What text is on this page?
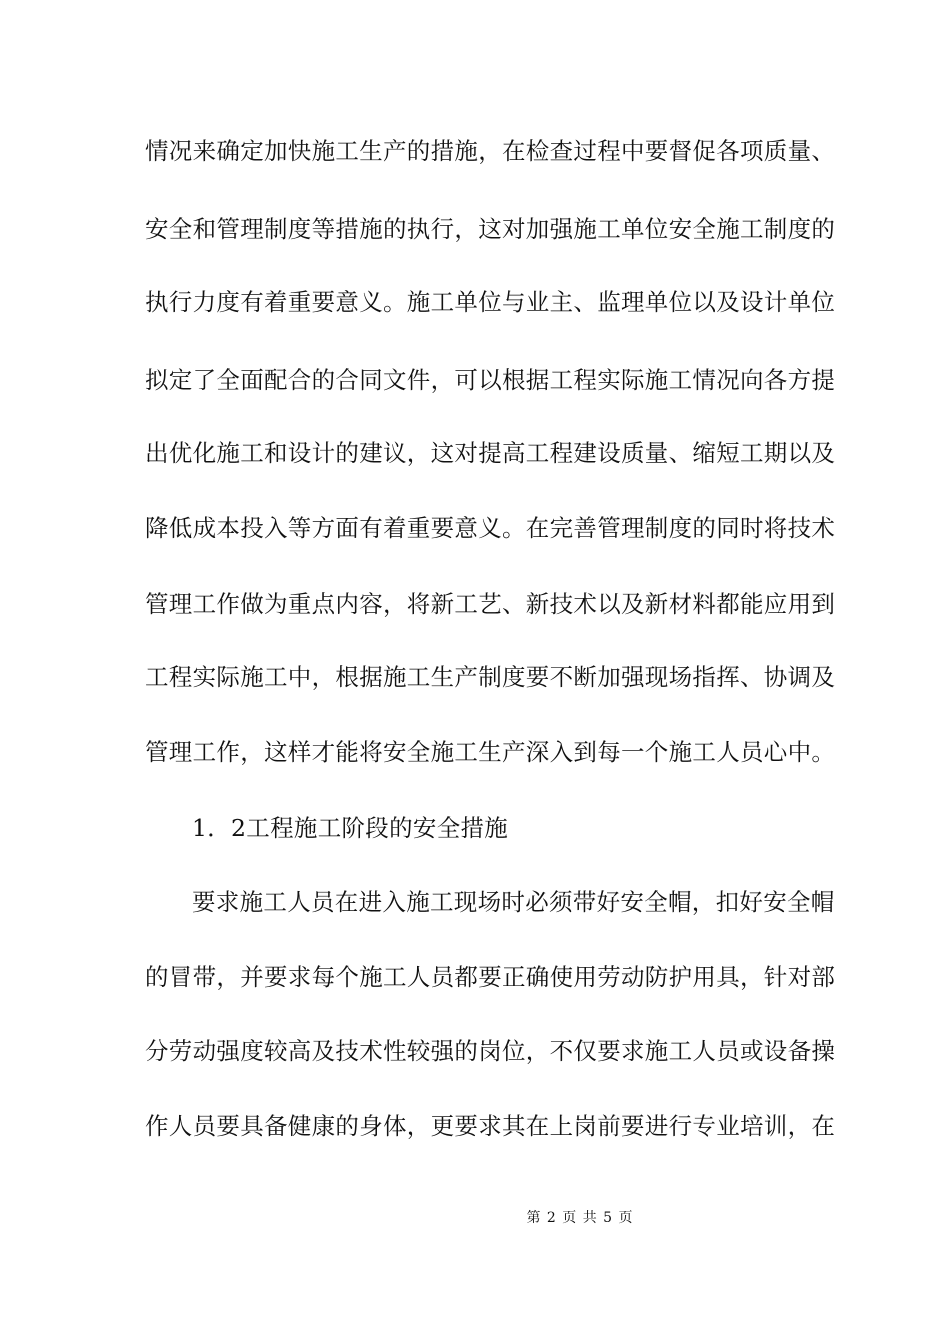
情况来确定加快施工生产的措施，在检查过程中要督促各项质量、
安全和管理制度等措施的执行，这对加强施工单位安全施工制度的
执行力度有着重要意义。施工单位与业主、监理单位以及设计单位
拟定了全面配合的合同文件，可以根据工程实际施工情况向各方提
出优化施工和设计的建议，这对提高工程建设质量、缩短工期以及
降低成本投入等方面有着重要意义。在完善管理制度的同时将技术
管理工作做为重点内容，将新工艺、新技术以及新材料都能应用到
工程实际施工中，根据施工生产制度要不断加强现场指挥、协调及
管理工作，这样才能将安全施工生产深入到每一个施工人员心中。
1．2工程施工阶段的安全措施
要求施工人员在进入施工现场时必须带好安全帽，扣好安全帽
的冒带，并要求每个施工人员都要正确使用劳动防护用具，针对部
分劳动强度较高及技术性较强的岗位，不仅要求施工人员或设备操
作人员要具备健康的身体，更要求其在上岗前要进行专业培训，在
第 2 页 共 5 页
